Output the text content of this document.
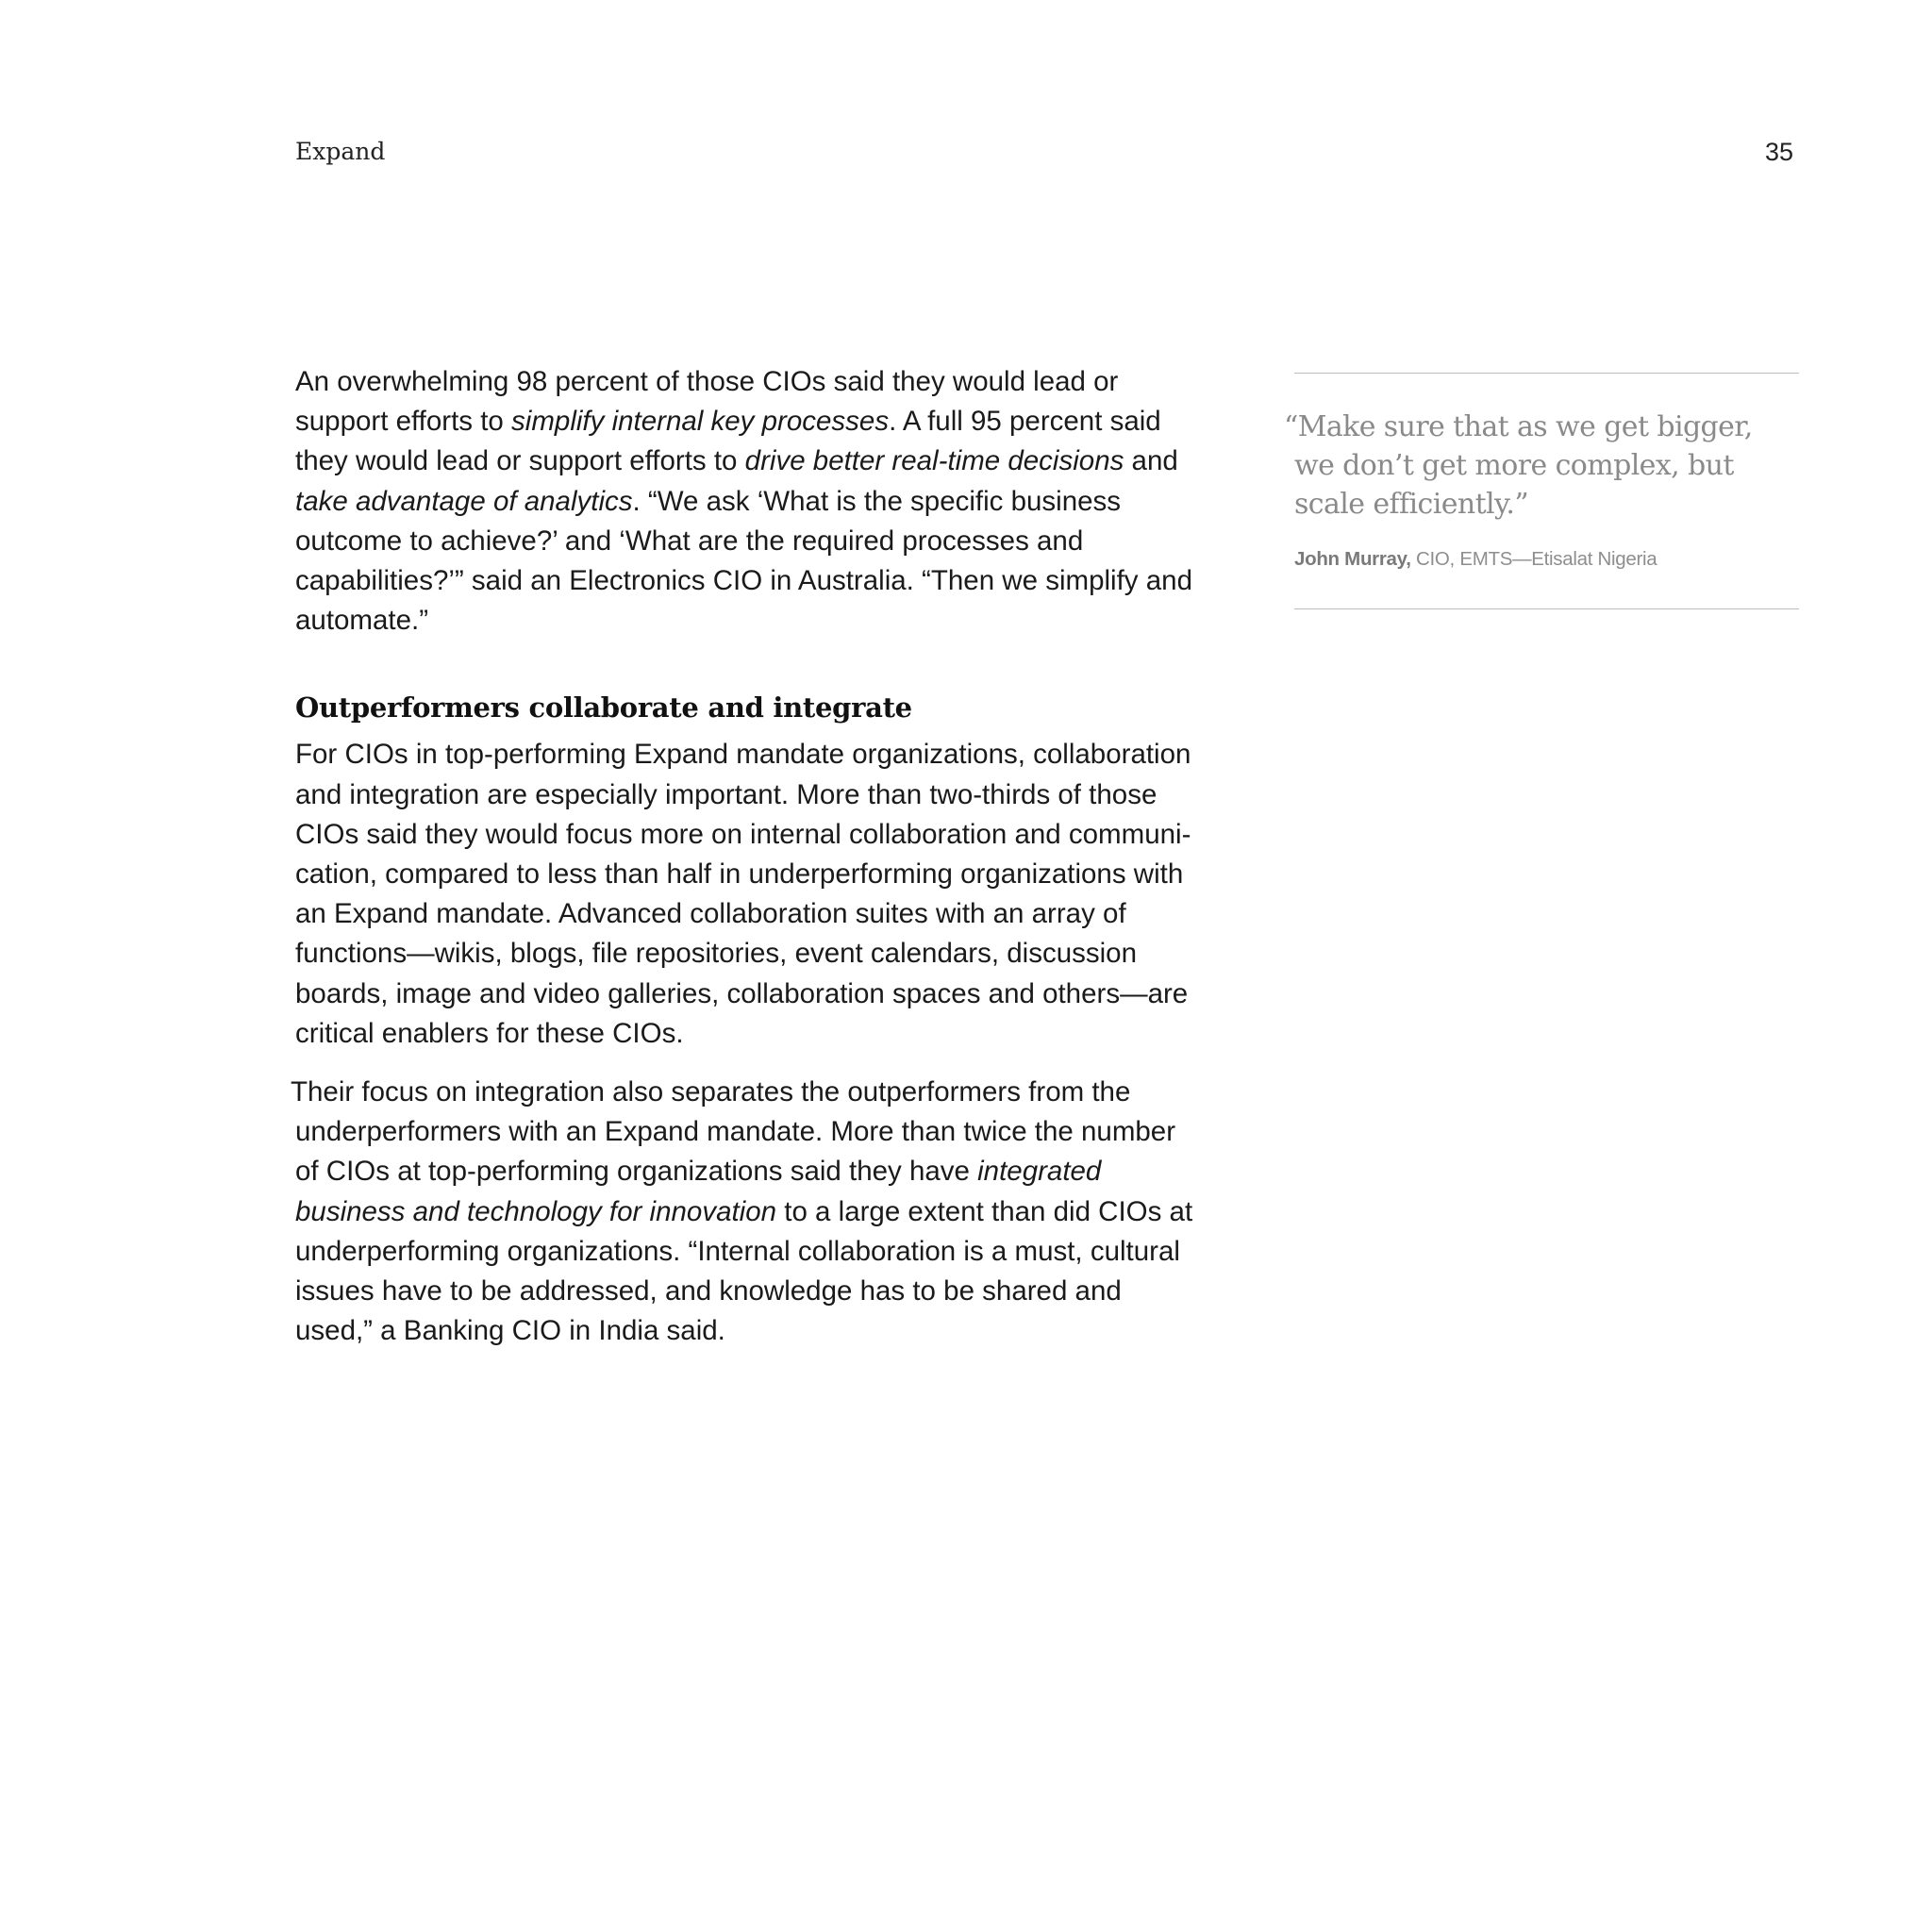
Expand	35

An overwhelming 98 percent of those CIOs said they would lead or support efforts to simplify internal key processes. A full 95 percent said they would lead or support efforts to drive better real-time decisions and take advantage of analytics. “We ask ‘What is the specific business outcome to achieve?’ and ‘What are the required processes and capabilities?’” said an Electronics CIO in Australia. “Then we simplify and automate.”

Outperformers collaborate and integrate

For CIOs in top-performing Expand mandate organizations, collaboration and integration are especially important. More than two-thirds of those CIOs said they would focus more on internal collaboration and communi-cation, compared to less than half in underperforming organizations with an Expand mandate. Advanced collaboration suites with an array of functions—wikis, blogs, file repositories, event calendars, discussion boards, image and video galleries, collaboration spaces and others—are critical enablers for these CIOs.

Their focus on integration also separates the outperformers from the underperformers with an Expand mandate. More than twice the number of CIOs at top-performing organizations said they have integrated business and technology for innovation to a large extent than did CIOs at underperforming organizations. “Internal collaboration is a must, cultural issues have to be addressed, and knowledge has to be shared and used,” a Banking CIO in India said.

“Make sure that as we get bigger, we don’t get more complex, but scale efficiently.”

John Murray, CIO, EMTS—Etisalat Nigeria
